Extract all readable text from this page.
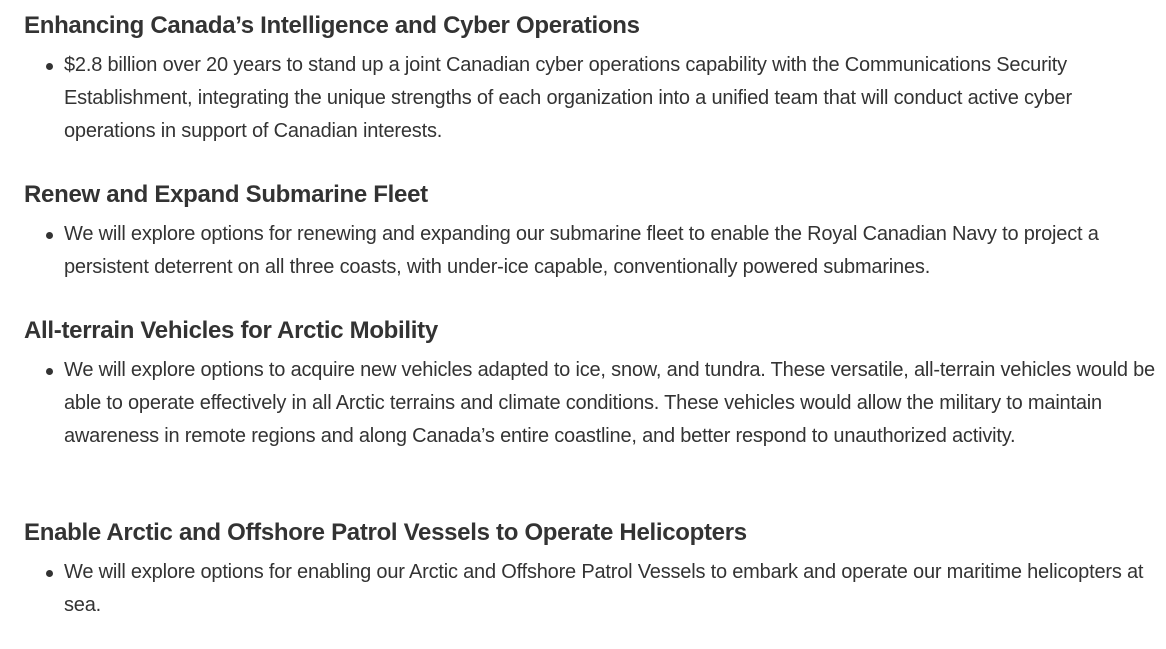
Enhancing Canada’s Intelligence and Cyber Operations
$2.8 billion over 20 years to stand up a joint Canadian cyber operations capability with the Communications Security Establishment, integrating the unique strengths of each organization into a unified team that will conduct active cyber operations in support of Canadian interests.
Renew and Expand Submarine Fleet
We will explore options for renewing and expanding our submarine fleet to enable the Royal Canadian Navy to project a persistent deterrent on all three coasts, with under-ice capable, conventionally powered submarines.
All-terrain Vehicles for Arctic Mobility
We will explore options to acquire new vehicles adapted to ice, snow, and tundra. These versatile, all-terrain vehicles would be able to operate effectively in all Arctic terrains and climate conditions. These vehicles would allow the military to maintain awareness in remote regions and along Canada’s entire coastline, and better respond to unauthorized activity.
Enable Arctic and Offshore Patrol Vessels to Operate Helicopters
We will explore options for enabling our Arctic and Offshore Patrol Vessels to embark and operate our maritime helicopters at sea.
